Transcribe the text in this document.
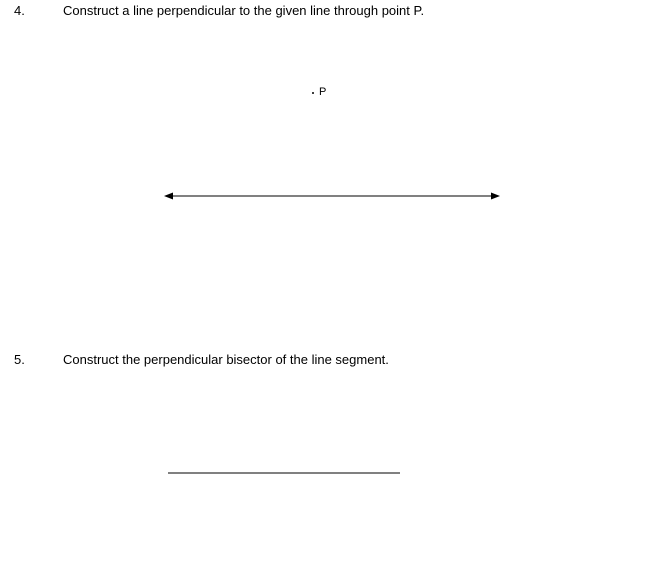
4.	Construct a line perpendicular to the given line through point P.
P
5.	Construct the perpendicular bisector of the line segment.
